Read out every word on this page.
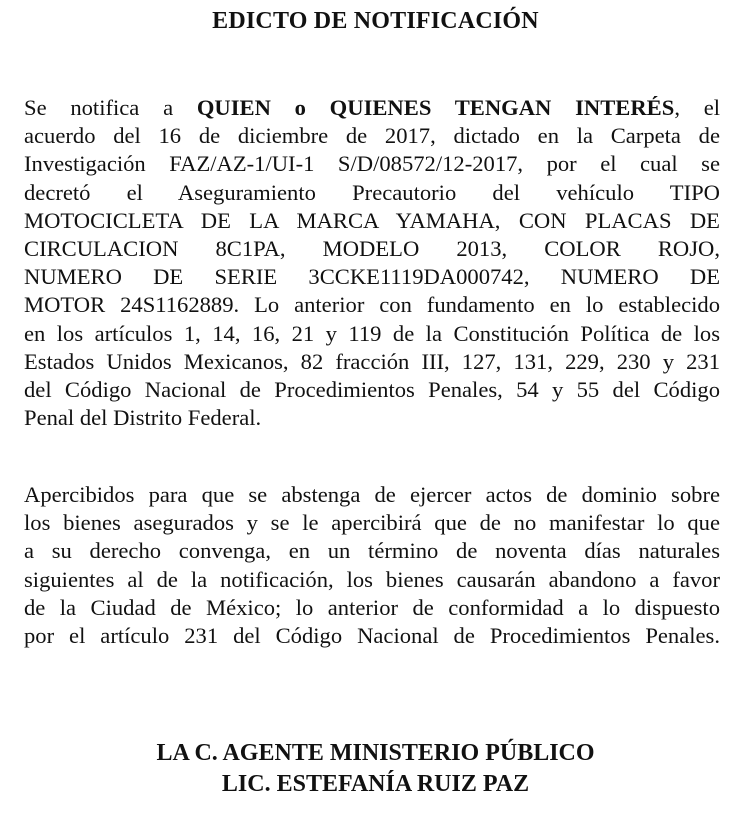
EDICTO DE NOTIFICACIÓN
Se notifica a QUIEN o QUIENES TENGAN INTERÉS, el
acuerdo del 16 de diciembre de 2017, dictado en la Carpeta de
Investigación FAZ/AZ-1/UI-1 S/D/08572/12-2017, por el cual se
decretó el Aseguramiento Precautorio del vehículo TIPO
MOTOCICLETA DE LA MARCA YAMAHA, CON PLACAS DE
CIRCULACION 8C1PA, MODELO 2013, COLOR ROJO,
NUMERO DE SERIE 3CCKE1119DA000742, NUMERO DE
MOTOR 24S1162889. Lo anterior con fundamento en lo establecido
en los artículos 1, 14, 16, 21 y 119 de la Constitución Política de los
Estados Unidos Mexicanos, 82 fracción III, 127, 131, 229, 230 y 231
del Código Nacional de Procedimientos Penales, 54 y 55 del Código
Penal del Distrito Federal.
Apercibidos para que se abstenga de ejercer actos de dominio sobre
los bienes asegurados y se le apercibirá que de no manifestar lo que
a su derecho convenga, en un término de noventa días naturales
siguientes al de la notificación, los bienes causarán abandono a favor
de la Ciudad de México; lo anterior de conformidad a lo dispuesto
por el artículo 231 del Código Nacional de Procedimientos Penales.
LA C. AGENTE MINISTERIO PÚBLICO
LIC. ESTEFANÍA RUIZ PAZ
